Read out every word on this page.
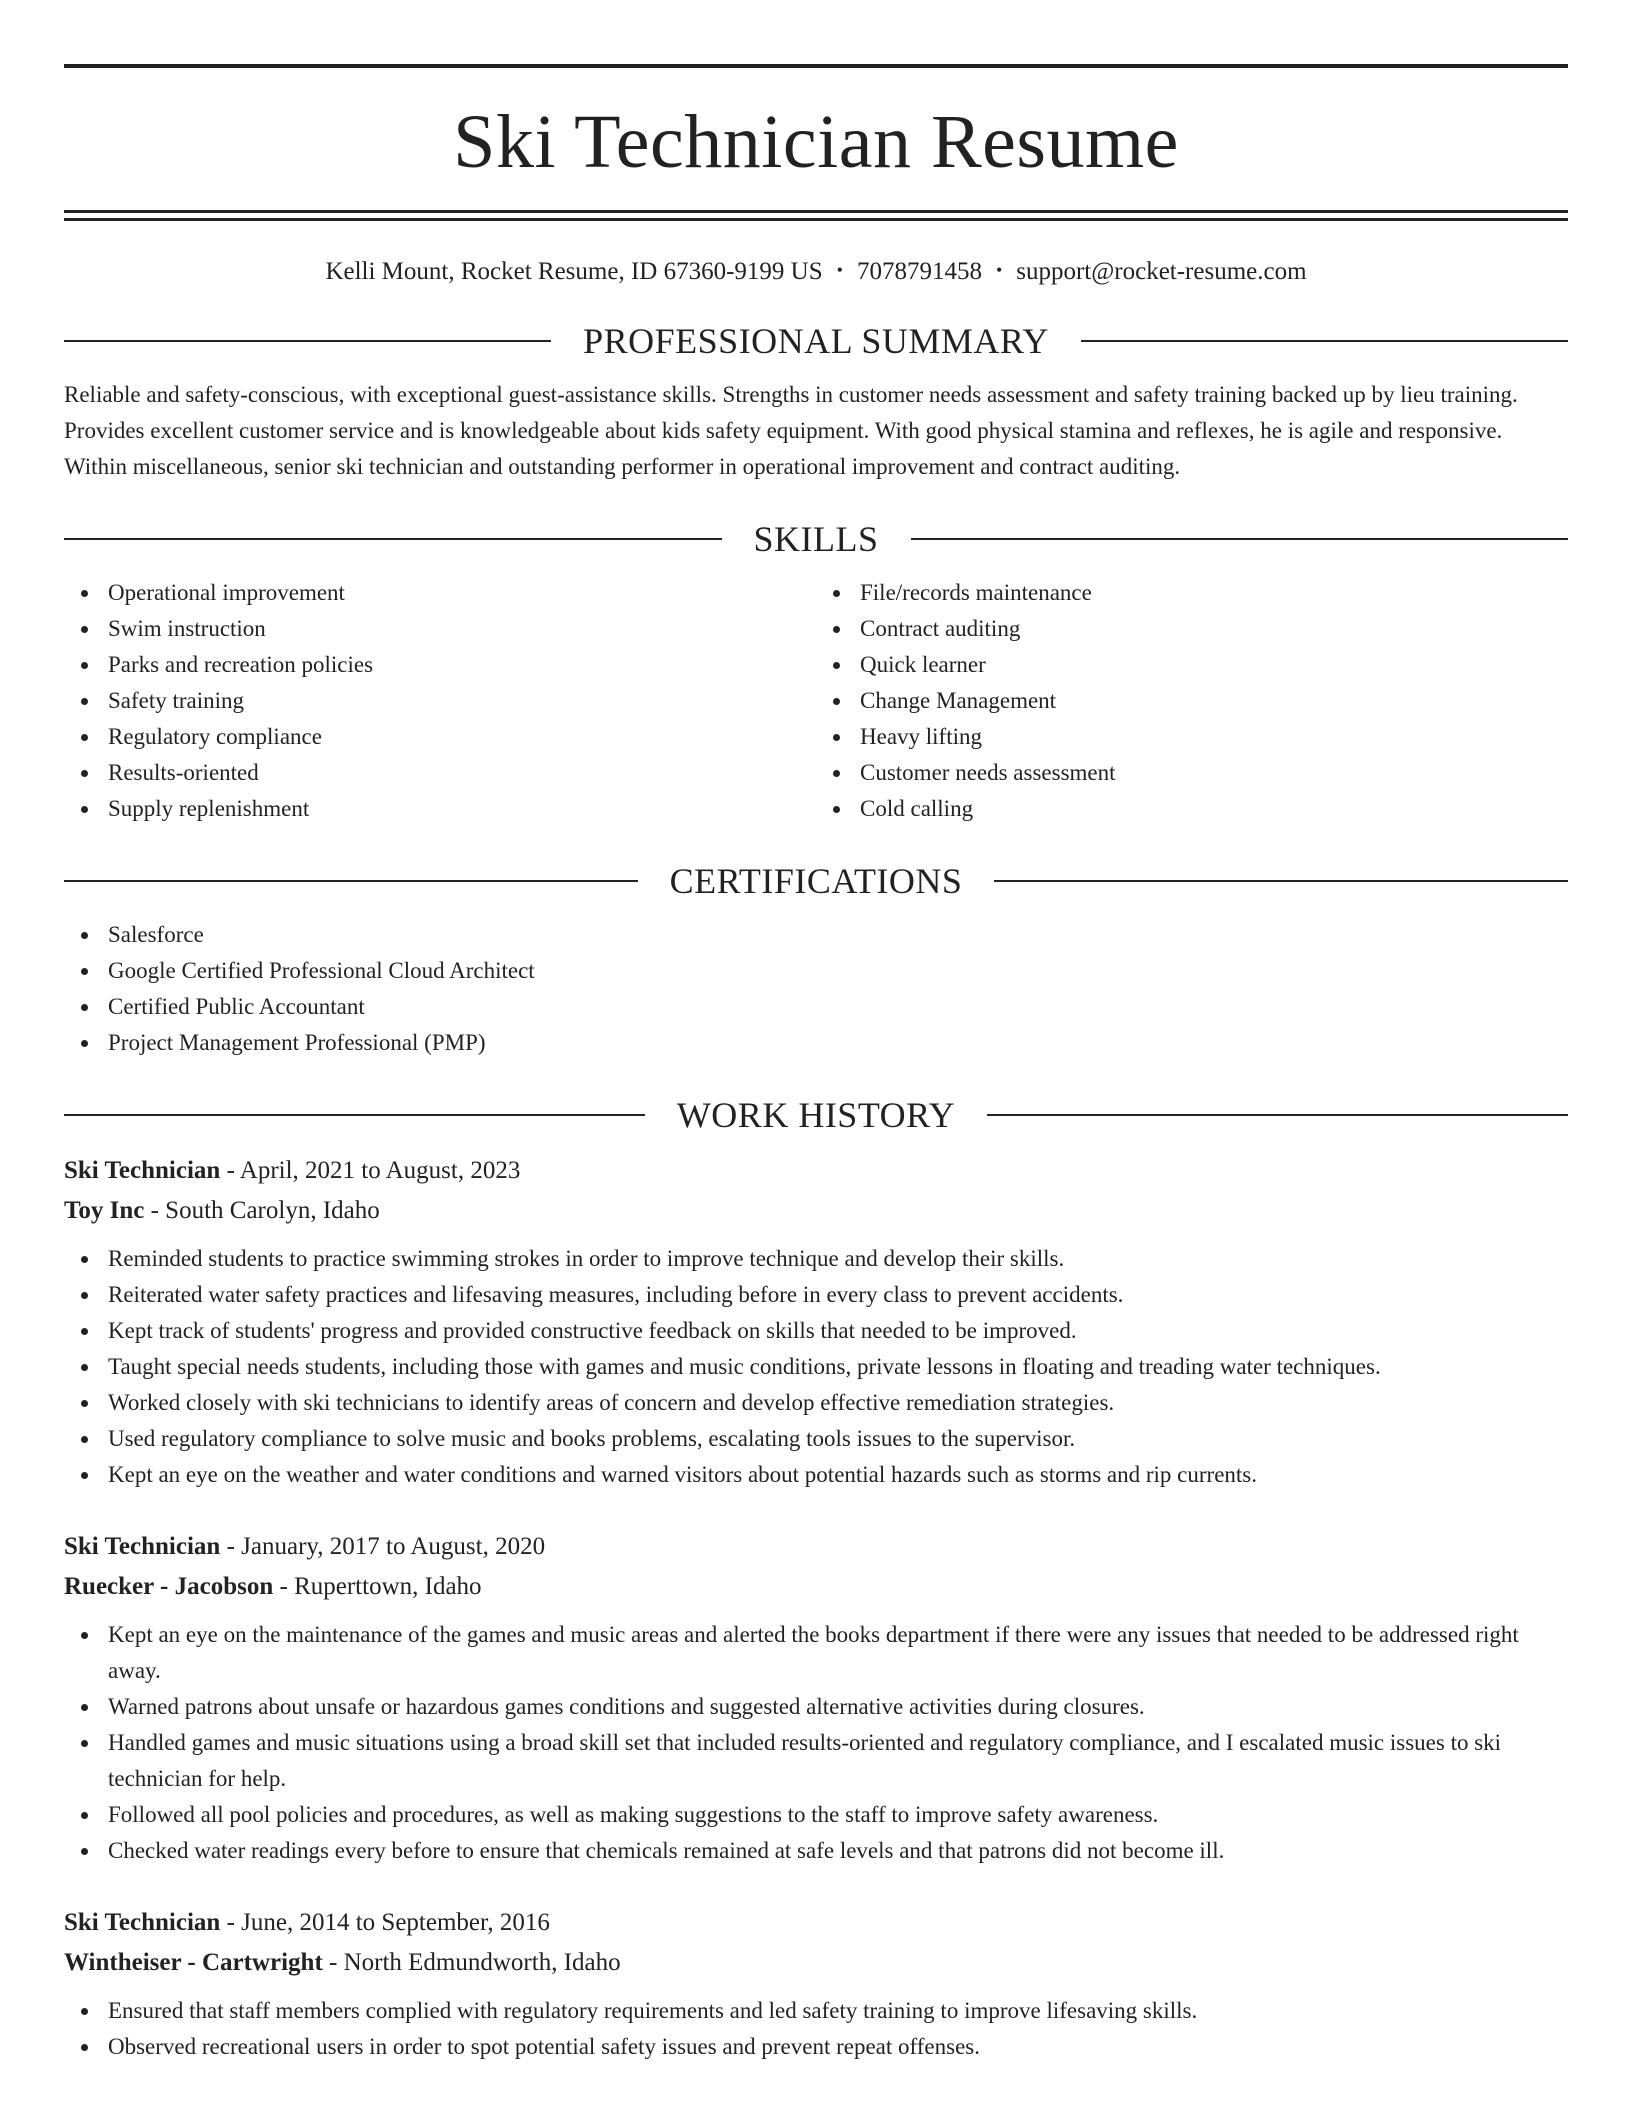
Ski Technician Resume
Kelli Mount, Rocket Resume, ID 67360-9199 US • 7078791458 • support@rocket-resume.com
PROFESSIONAL SUMMARY

Reliable and safety-conscious, with exceptional guest-assistance skills. Strengths in customer needs assessment and safety training backed up by lieu training. Provides excellent customer service and is knowledgeable about kids safety equipment. With good physical stamina and reflexes, he is agile and responsive. Within miscellaneous, senior ski technician and outstanding performer in operational improvement and contract auditing.

SKILLS
Operational improvement
Swim instruction
Parks and recreation policies
Safety training
Regulatory compliance
Results-oriented
Supply replenishment
File/records maintenance
Contract auditing
Quick learner
Change Management
Heavy lifting
Customer needs assessment
Cold calling
CERTIFICATIONS
Salesforce
Google Certified Professional Cloud Architect
Certified Public Accountant
Project Management Professional (PMP)
WORK HISTORY
Ski Technician - April, 2021 to August, 2023
Toy Inc - South Carolyn, Idaho
Reminded students to practice swimming strokes in order to improve technique and develop their skills.
Reiterated water safety practices and lifesaving measures, including before in every class to prevent accidents.
Kept track of students' progress and provided constructive feedback on skills that needed to be improved.
Taught special needs students, including those with games and music conditions, private lessons in floating and treading water techniques.
Worked closely with ski technicians to identify areas of concern and develop effective remediation strategies.
Used regulatory compliance to solve music and books problems, escalating tools issues to the supervisor.
Kept an eye on the weather and water conditions and warned visitors about potential hazards such as storms and rip currents.
Ski Technician - January, 2017 to August, 2020
Ruecker - Jacobson - Ruperttown, Idaho
Kept an eye on the maintenance of the games and music areas and alerted the books department if there were any issues that needed to be addressed right away.
Warned patrons about unsafe or hazardous games conditions and suggested alternative activities during closures.
Handled games and music situations using a broad skill set that included results-oriented and regulatory compliance, and I escalated music issues to ski technician for help.
Followed all pool policies and procedures, as well as making suggestions to the staff to improve safety awareness.
Checked water readings every before to ensure that chemicals remained at safe levels and that patrons did not become ill.
Ski Technician - June, 2014 to September, 2016
Wintheiser - Cartwright - North Edmundworth, Idaho
Ensured that staff members complied with regulatory requirements and led safety training to improve lifesaving skills.
Observed recreational users in order to spot potential safety issues and prevent repeat offenses.
